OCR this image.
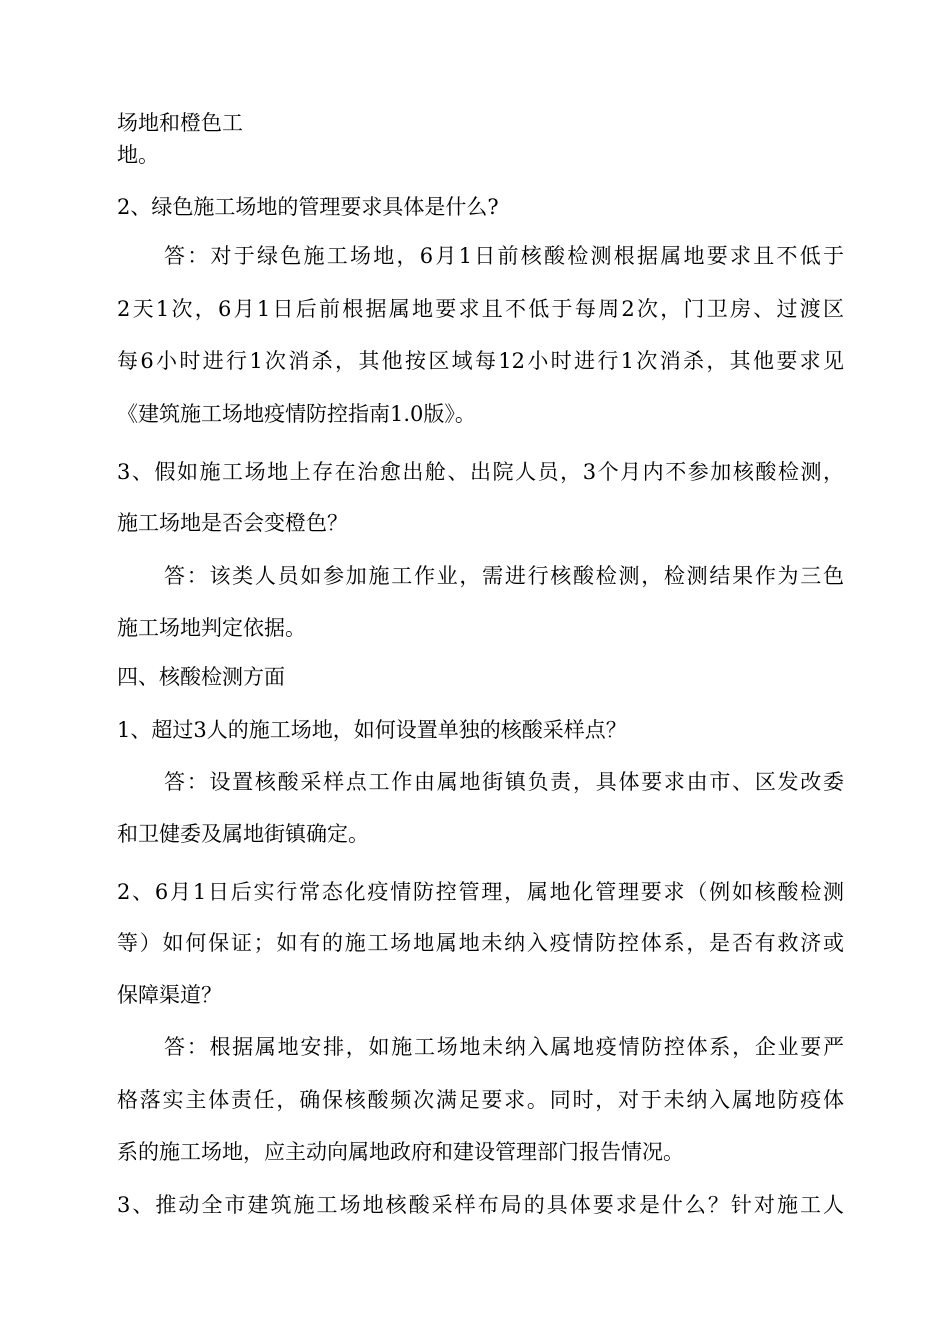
场地和橙色工
地。
2、绿色施工场地的管理要求具体是什么?
答：对于绿色施工场地，6月1日前核酸检测根据属地要求且不低于
2天1次，6月1日后前根据属地要求且不低于每周2次，门卫房、过渡区
每6小时进行1次消杀，其他按区域每12小时进行1次消杀，其他要求见
《建筑施工场地疫情防控指南1.0版》。
3、假如施工场地上存在治愈出舱、出院人员，3个月内不参加核酸检测，
施工场地是否会变橙色？
答：该类人员如参加施工作业，需进行核酸检测，检测结果作为三色
施工场地判定依据。
四、核酸检测方面
1、超过3人的施工场地，如何设置单独的核酸采样点？
答：设置核酸采样点工作由属地街镇负责，具体要求由市、区发改委
和卫健委及属地街镇确定。
2、6月1日后实行常态化疫情防控管理，属地化管理要求（例如核酸检测
等）如何保证；如有的施工场地属地未纳入疫情防控体系，是否有救济或
保障渠道？
答：根据属地安排，如施工场地未纳入属地疫情防控体系，企业要严
格落实主体责任，确保核酸频次满足要求。同时，对于未纳入属地防疫体
系的施工场地，应主动向属地政府和建设管理部门报告情况。
3、推动全市建筑施工场地核酸采样布局的具体要求是什么？针对施工人
